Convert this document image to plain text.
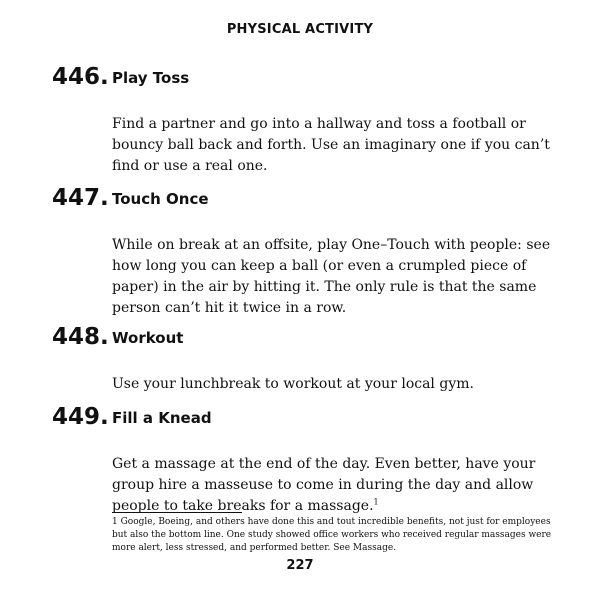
PHYSICAL ACTIVITY
446. Play Toss
Find a partner and go into a hallway and toss a football or bouncy ball back and forth. Use an imaginary one if you can’t find or use a real one.
447. Touch Once
While on break at an offsite, play One–Touch with people: see how long you can keep a ball (or even a crumpled piece of paper) in the air by hitting it. The only rule is that the same person can’t hit it twice in a row.
448. Workout
Use your lunchbreak to workout at your local gym.
449. Fill a Knead
Get a massage at the end of the day. Even better, have your group hire a masseuse to come in during the day and allow people to take breaks for a massage.$^1$
1 Google, Boeing, and others have done this and tout incredible benefits, not just for employees but also the bottom line. One study showed office workers who received regular massages were more alert, less stressed, and performed better. See Massage.
227
